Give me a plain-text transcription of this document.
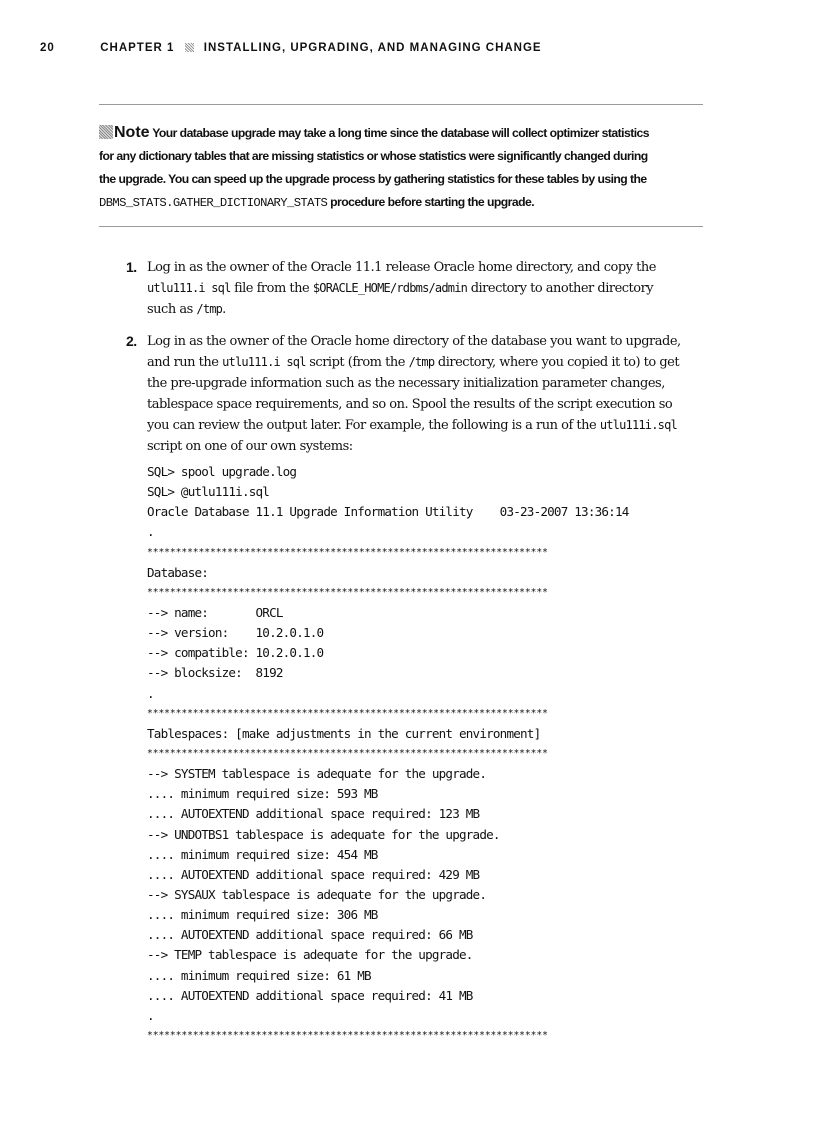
20	CHAPTER 1	INSTALLING, UPGRADING, AND MANAGING CHANGE
Note Your database upgrade may take a long time since the database will collect optimizer statistics
for any dictionary tables that are missing statistics or whose statistics were significantly changed during
the upgrade. You can speed up the upgrade process by gathering statistics for these tables by using the
DBMS_STATS.GATHER_DICTIONARY_STATS procedure before starting the upgrade.
1. Log in as the owner of the Oracle 11.1 release Oracle home directory, and copy the
utlu111.i sql file from the $ORACLE_HOME/rdbms/admin directory to another directory
such as /tmp.
2. Log in as the owner of the Oracle home directory of the database you want to upgrade,
and run the utlu111.i sql script (from the /tmp directory, where you copied it to) to get
the pre-upgrade information such as the necessary initialization parameter changes,
tablespace space requirements, and so on. Spool the results of the script execution so
you can review the output later. For example, the following is a run of the utlu111i.sql
script on one of our own systems:
SQL> spool upgrade.log
SQL> @utlu111i.sql
Oracle Database 11.1 Upgrade Information Utility    03-23-2007 13:36:14
.
**********************************************************************
Database:
**********************************************************************
--> name:       ORCL
--> version:    10.2.0.1.0
--> compatible: 10.2.0.1.0
--> blocksize:  8192
.
**********************************************************************
Tablespaces: [make adjustments in the current environment]
**********************************************************************
--> SYSTEM tablespace is adequate for the upgrade.
.... minimum required size: 593 MB
.... AUTOEXTEND additional space required: 123 MB
--> UNDOTBS1 tablespace is adequate for the upgrade.
.... minimum required size: 454 MB
.... AUTOEXTEND additional space required: 429 MB
--> SYSAUX tablespace is adequate for the upgrade.
.... minimum required size: 306 MB
.... AUTOEXTEND additional space required: 66 MB
--> TEMP tablespace is adequate for the upgrade.
.... minimum required size: 61 MB
.... AUTOEXTEND additional space required: 41 MB
.
**********************************************************************
